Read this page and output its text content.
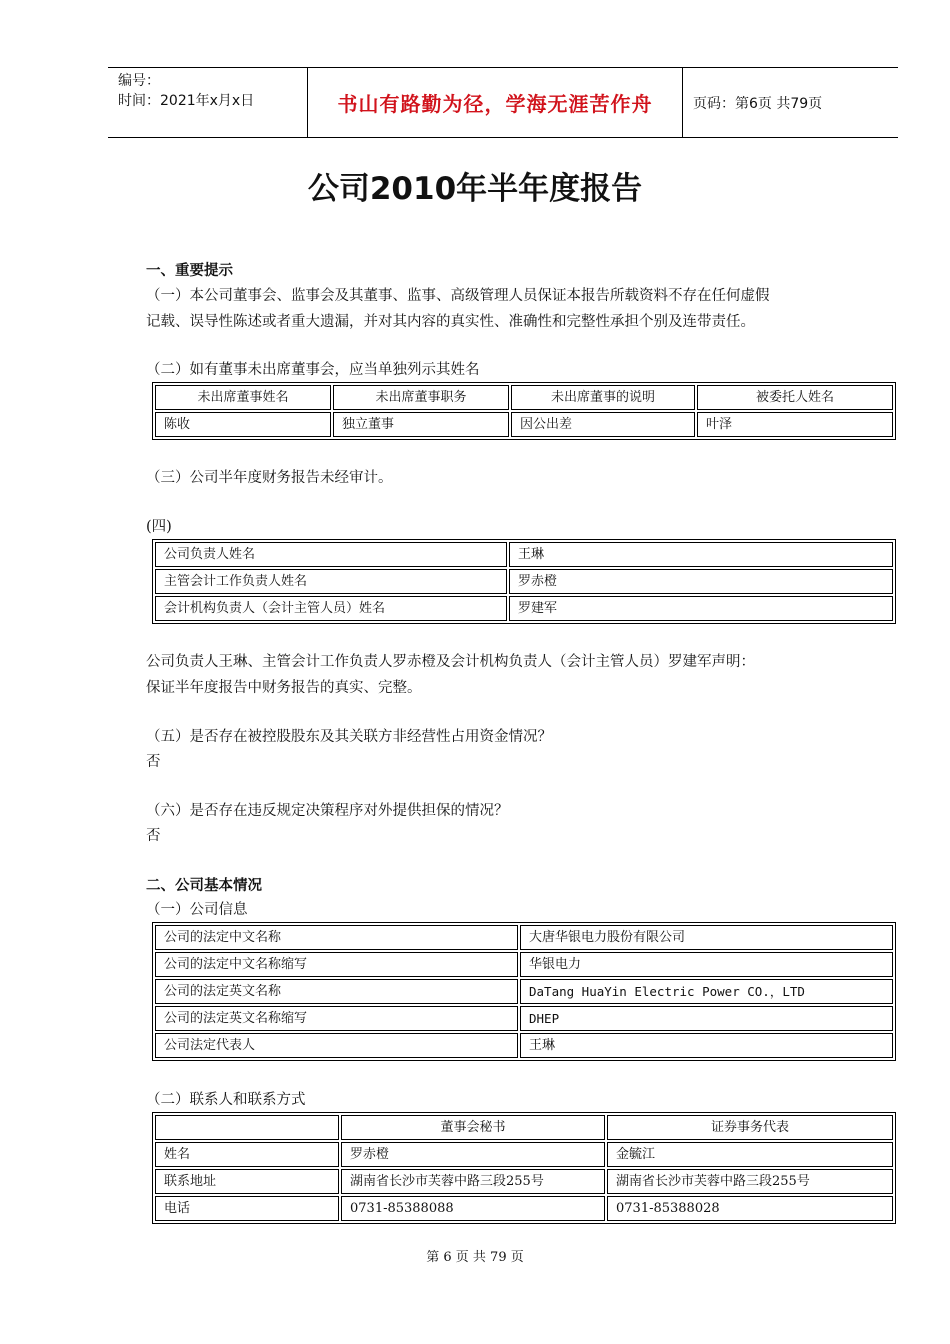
编号：
时间：2021年x月x日	书山有路勤为径，学海无涯苦作舟	页码：第6页 共79页
公司2010年半年度报告
一、重要提示
（一）本公司董事会、监事会及其董事、监事、高级管理人员保证本报告所载资料不存在任何虚假
记载、误导性陈述或者重大遗漏，并对其内容的真实性、准确性和完整性承担个别及连带责任。
（二）如有董事未出席董事会，应当单独列示其姓名
未出席董事姓名	未出席董事职务	未出席董事的说明	被委托人姓名
陈收	独立董事	因公出差	叶泽
（三）公司半年度财务报告未经审计。
(四)
公司负责人姓名	王琳
主管会计工作负责人姓名	罗赤橙
会计机构负责人（会计主管人员）姓名	罗建军
公司负责人王琳、主管会计工作负责人罗赤橙及会计机构负责人（会计主管人员）罗建军声明：
保证半年度报告中财务报告的真实、完整。
（五）是否存在被控股股东及其关联方非经营性占用资金情况？
否
（六）是否存在违反规定决策程序对外提供担保的情况？
否
二、公司基本情况
（一）公司信息
公司的法定中文名称	大唐华银电力股份有限公司
公司的法定中文名称缩写	华银电力
公司的法定英文名称	DaTang HuaYin Electric Power CO.，LTD
公司的法定英文名称缩写	DHEP
公司法定代表人	王琳
（二）联系人和联系方式
	董事会秘书	证券事务代表
姓名	罗赤橙	金毓江
联系地址	湖南省长沙市芙蓉中路三段255号	湖南省长沙市芙蓉中路三段255号
电话	0731-85388088	0731-85388028
第 6 页 共 79 页
